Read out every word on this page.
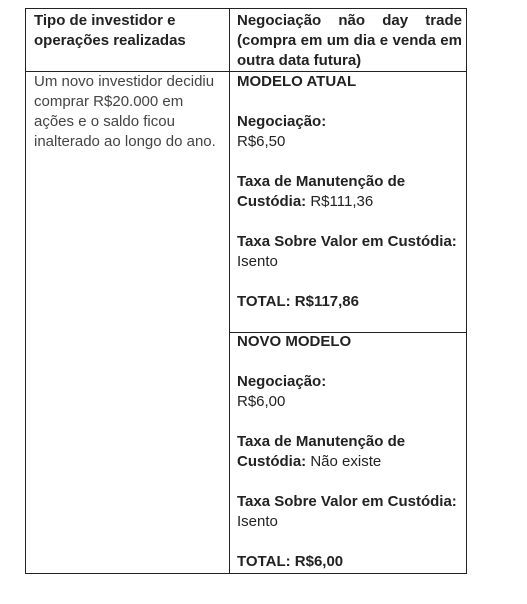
Tipo de investidor e operações realizadas
Negociação não day trade (compra em um dia e venda em outra data futura)
Um novo investidor decidiu comprar R$20.000 em ações e o saldo ficou inalterado ao longo do ano.
MODELO ATUAL
Negociação:
R$6,50
Taxa de Manutenção de Custódia: R$111,36
Taxa Sobre Valor em Custódia: Isento
TOTAL: R$117,86
NOVO MODELO
Negociação:
R$6,00
Taxa de Manutenção de Custódia: Não existe
Taxa Sobre Valor em Custódia: Isento
TOTAL: R$6,00
